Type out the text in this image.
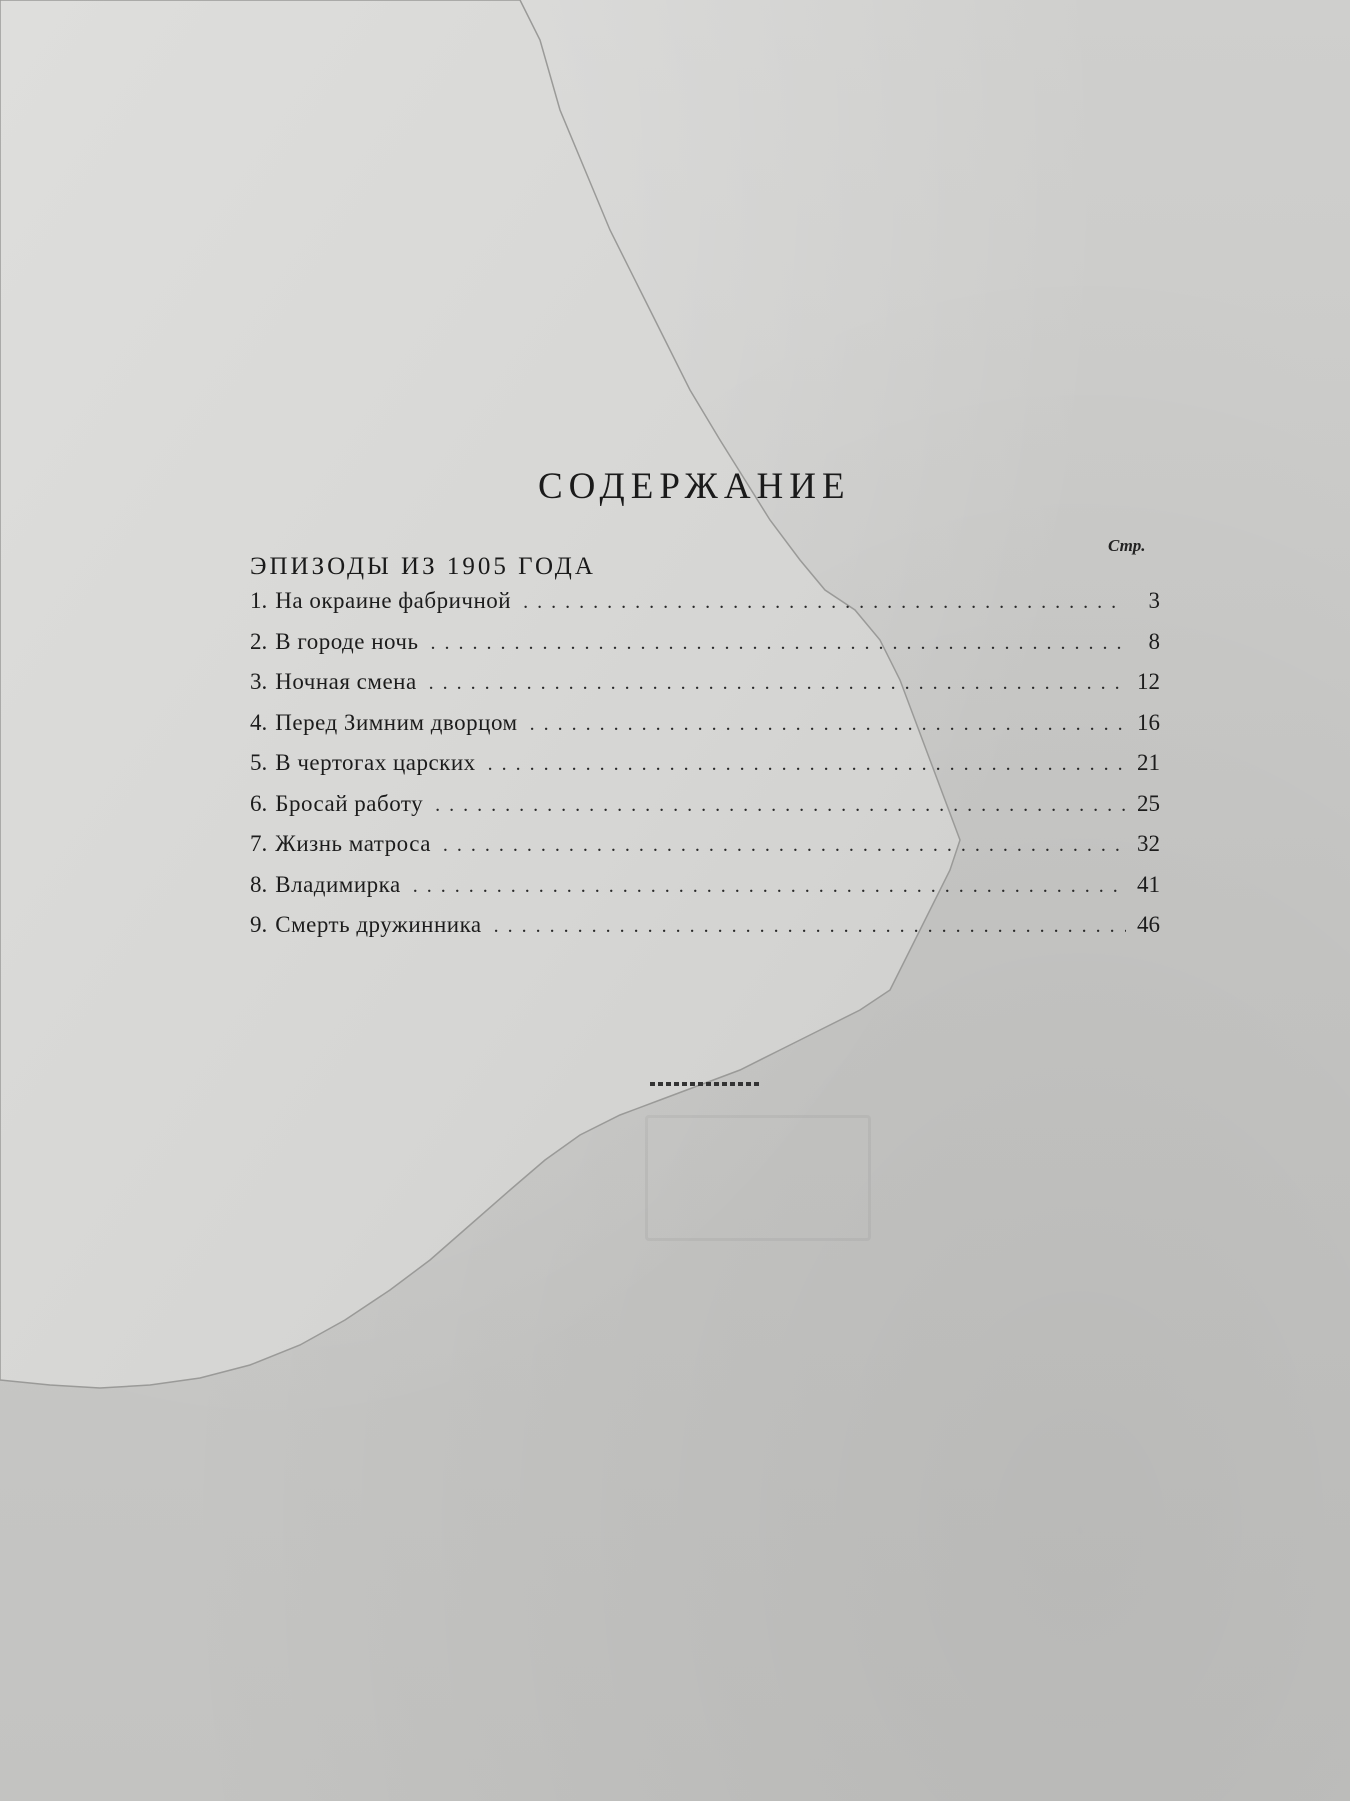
СОДЕРЖАНИЕ
Стр.
ЭПИЗОДЫ ИЗ 1905 ГОДА
1. На окраине фабричной . . .	3
2. В городе ночь . . .	8
3. Ночная смена . . .	12
4. Перед Зимним дворцом . . .	16
5. В чертогах царских . . .	21
6. Бросай работу . . .	25
7. Жизнь матроса . . .	32
8. Владимирка . . .	41
9. Смерть дружинника . . .	46
